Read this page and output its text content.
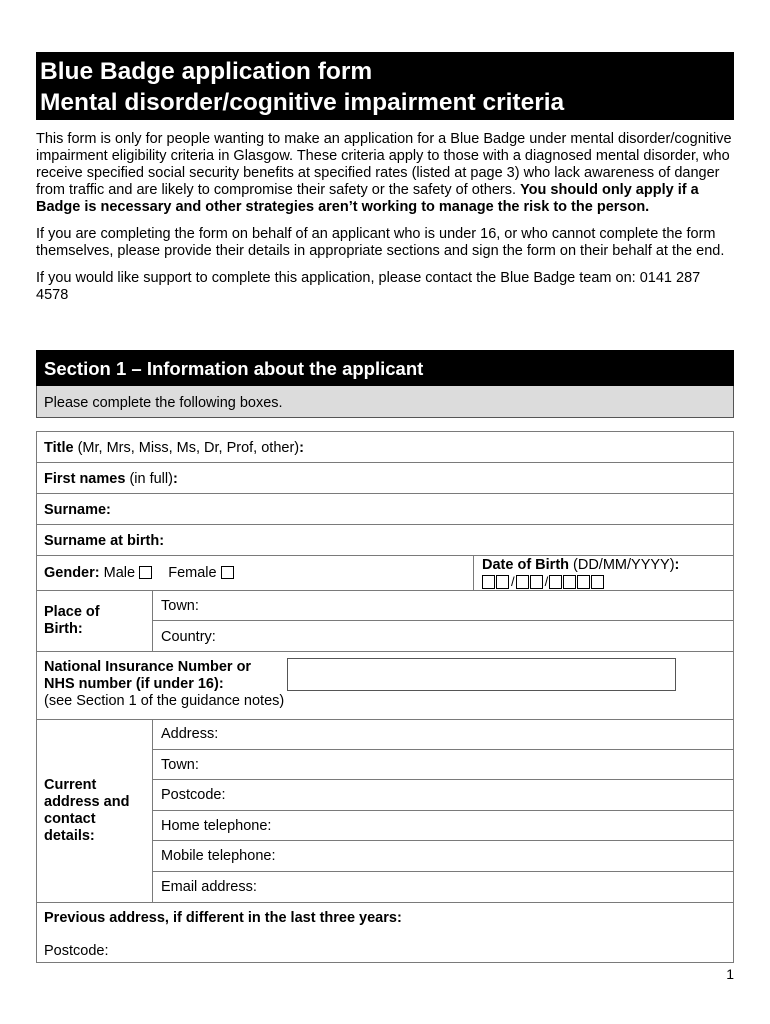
Blue Badge application form
Mental disorder/cognitive impairment criteria

This form is only for people wanting to make an application for a Blue Badge under mental disorder/cognitive impairment eligibility criteria in Glasgow. These criteria apply to those with a diagnosed mental disorder, who receive specified social security benefits at specified rates (listed at page 3) who lack awareness of danger from traffic and are likely to compromise their safety or the safety of others. You should only apply if a Badge is necessary and other strategies aren’t working to manage the risk to the person.

If you are completing the form on behalf of an applicant who is under 16, or who cannot complete the form themselves, please provide their details in appropriate sections and sign the form on their behalf at the end.

If you would like support to complete this application, please contact the Blue Badge team on: 0141 287 4578

Section 1 – Information about the applicant
Please complete the following boxes.
Title (Mr, Mrs, Miss, Ms, Dr, Prof, other):
First names (in full):
Surname:
Surname at birth:
Gender: Male Female	Date of Birth (DD/MM/YYYY):
/ /
Place of
Birth:
Town:
Country:
National Insurance Number or
NHS number (if under 16):
(see Section 1 of the guidance notes)
Current
address and
contact
details:
Address:
Town:
Postcode:
Home telephone:
Mobile telephone:
Email address:
Previous address, if different in the last three years:
Postcode:
1
